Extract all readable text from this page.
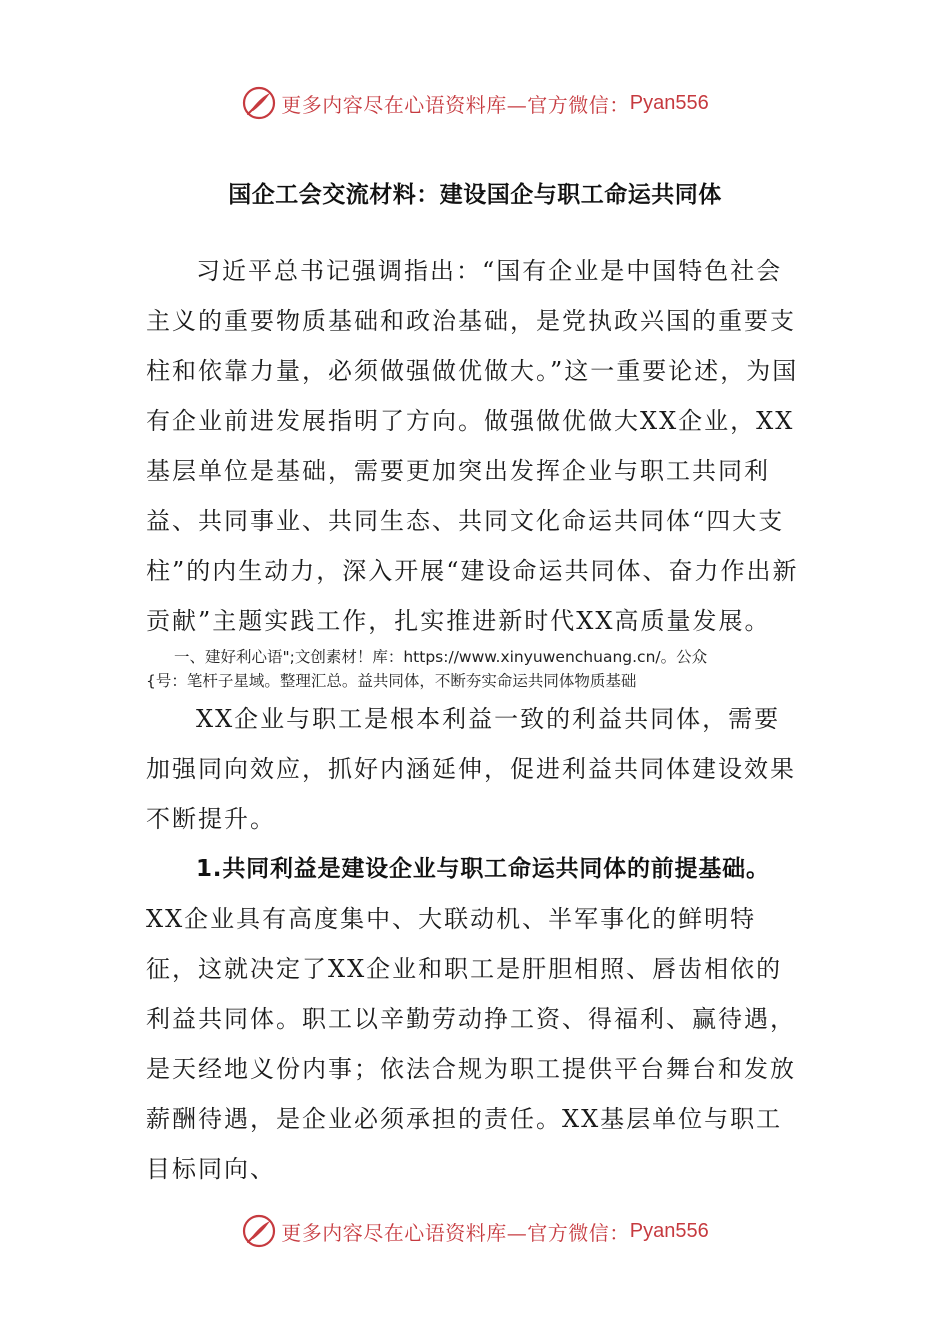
更多内容尽在心语资料库—官方微信： Pyan556
国企工会交流材料：建设国企与职工命运共同体

习近平总书记强调指出：“国有企业是中国特色社会主义的重要物质基础和政治基础，是党执政兴国的重要支柱和依靠力量，必须做强做优做大。”这一重要论述，为国有企业前进发展指明了方向。做强做优做大XX企业，XX基层单位是基础，需要更加突出发挥企业与职工共同利益、共同事业、共同生态、共同文化命运共同体“四大支柱”的内生动力，深入开展“建设命运共同体、奋力作出新贡献”主题实践工作，扎实推进新时代XX高质量发展。

一、建好利心语";文创素材！库：https://www.xinyuwenchuang.cn/。公众
{号：笔杆子星域。整理汇总。益共同体，不断夯实命运共同体物质基础

XX企业与职工是根本利益一致的利益共同体，需要加强同向效应，抓好内涵延伸，促进利益共同体建设效果不断提升。

1.共同利益是建设企业与职工命运共同体的前提基础。

XX企业具有高度集中、大联动机、半军事化的鲜明特征，这就决定了XX企业和职工是肝胆相照、唇齿相依的利益共同体。职工以辛勤劳动挣工资、得福利、赢待遇，是天经地义份内事；依法合规为职工提供平台舞台和发放薪酬待遇，是企业必须承担的责任。XX基层单位与职工目标同向、

更多内容尽在心语资料库—官方微信： Pyan556
